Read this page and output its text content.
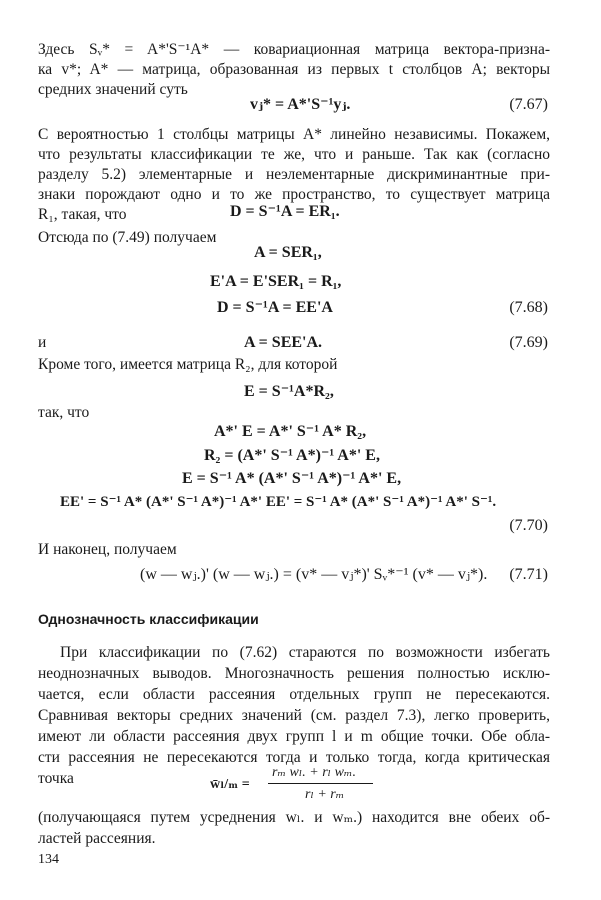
Здесь Sᵥ* = A*'S⁻¹A* — ковариационная матрица вектора-призна-
ка v*; A* — матрица, образованная из первых t столбцов A; векторы
средних значений суть
vⱼ* = A*'S⁻¹yⱼ.	(7.67)
С вероятностью 1 столбцы матрицы A* линейно независимы. Покажем,
что результаты классификации те же, что и раньше. Так как (согласно
разделу 5.2) элементарные и неэлементарные дискриминантные при-
знаки порождают одно и то же пространство, то существует матрица
R₁, такая, что	D = S⁻¹A = ER₁.
Отсюда по (7.49) получаем
A = SER₁,
E'A = E'SER₁ = R₁,
D = S⁻¹A = EE'A	(7.68)
и	A = SEE'A.	(7.69)
Кроме того, имеется матрица R₂, для которой
E = S⁻¹A*R₂,
так, что
A*' E = A*' S⁻¹ A* R₂,
R₂ = (A*' S⁻¹ A*)⁻¹ A*' E,
E = S⁻¹ A* (A*' S⁻¹ A*)⁻¹ A*' E,
EE' = S⁻¹ A* (A*' S⁻¹ A*)⁻¹ A*' EE' = S⁻¹ A* (A*' S⁻¹ A*)⁻¹ A*' S⁻¹.
(7.70)
И наконец, получаем
(w — wⱼ.)' (w — wⱼ.) = (v* — vⱼ*)' Sᵥ*⁻¹ (v* — vⱼ*). (7.71)
Однозначность классификации
При классификации по (7.62) стараются по возможности избегать
неоднозначных выводов. Многозначность решения полностью исклю-
чается, если области рассеяния отдельных групп не пересекаются.
Сравнивая векторы средних значений (см. раздел 7.3), легко проверить,
имеют ли области рассеяния двух групп l и m общие точки. Обе обла-
сти рассеяния не пересекаются тогда и только тогда, когда критическая
точка	w̄ₗ/ₘ =
rₘ wₗ. + rₗ wₘ.
rₗ + rₘ
(получающаяся путем усреднения wₗ. и wₘ.) находится вне обеих об-
ластей рассеяния.
134
